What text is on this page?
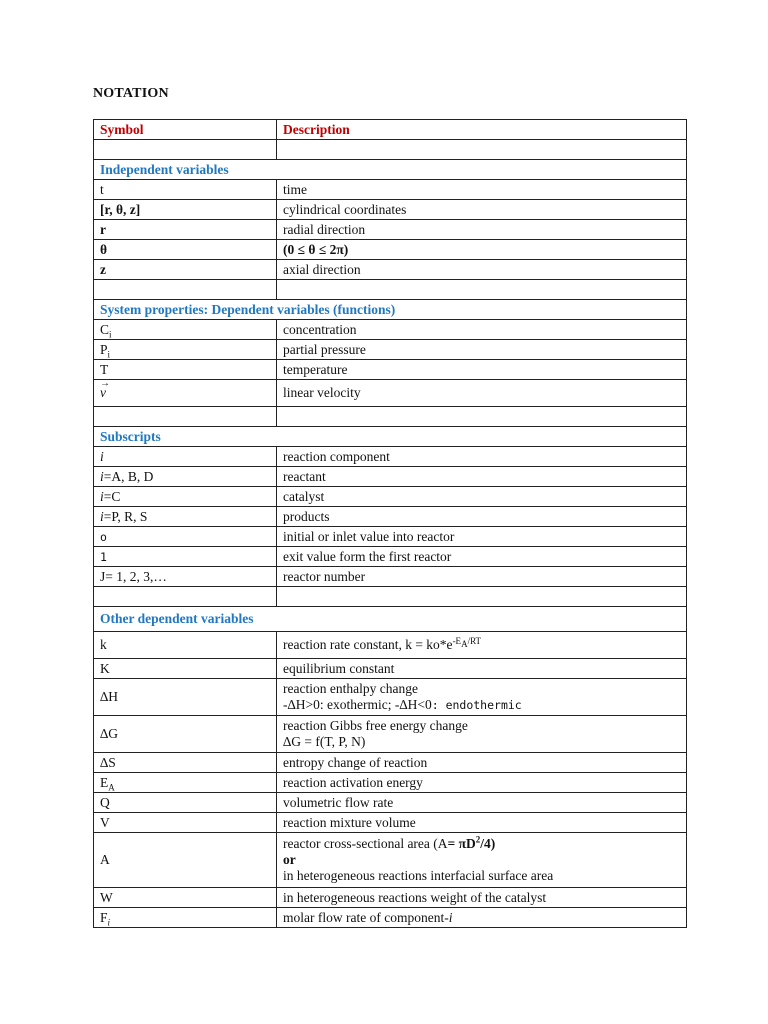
NOTATION
Symbol	Description

Independent variables	
t	time
[r, θ, z]	cylindrical coordinates
r	radial direction
θ	(0 ≤ θ ≤ 2π)
z	axial direction

System properties: Dependent variables (functions)	
$C_i$	concentration
$P_i$	partial pressure
T	temperature
→ ν	linear velocity

Subscripts	
i	reaction component
i=A, B, D	reactant
i=C	catalyst
i=P, R, S	products
o	initial or inlet value into reactor
1	exit value form the first reactor
J= 1, 2, 3,…	reactor number

Other dependent variables	
k	reaction rate constant, $k = ko*e^{-E_A/RT}$
K	equilibrium constant
∆H	reaction enthalpy change
-∆H>0: exothermic; -∆H<0: endothermic

∆G	reaction Gibbs free energy change
∆G = f(T, P, N)

∆S	entropy change of reaction
$E_A$	reaction activation energy
Q	volumetric flow rate
V	reaction mixture volume
A	reactor cross-sectional area $(A= \pi D^2/4)$
or
in heterogeneous reactions interfacial surface area

W	in heterogeneous reactions weight of the catalyst
$F_i$	molar flow rate of component-i
